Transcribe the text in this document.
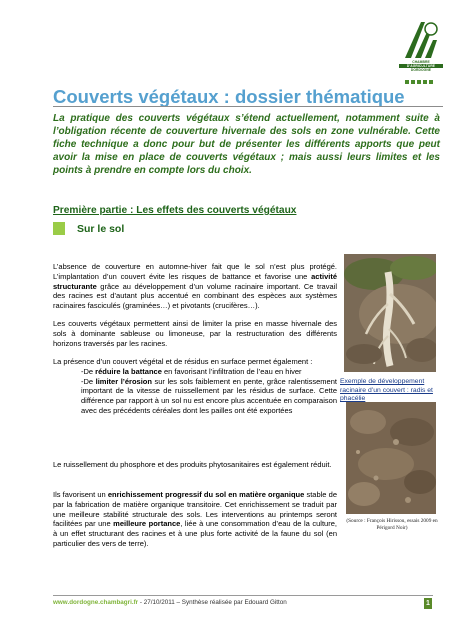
CHAMBRE
D'AGRICULTURE
DORDOGNE
Couverts végétaux : dossier thématique
La pratique des couverts végétaux s’étend actuellement, notamment suite à l’obligation récente de couverture hivernale des sols en zone vulnérable. Cette fiche technique a donc pour but de présenter les différents apports que peut avoir la mise en place de couverts végétaux ; mais aussi leurs limites et les points à prendre en compte lors du choix.
Première partie : Les effets des couverts végétaux
Sur le sol
L’absence de couverture en automne-hiver fait que le sol n’est plus protégé. L’implantation d’un couvert évite les risques de battance et favorise une activité structurante grâce au développement d’un volume racinaire important. Ce travail des racines est d’autant plus accentué en combinant des espèces aux systèmes racinaires fasciculés (graminées…) et pivotants (crucifères…).
Les couverts végétaux permettent ainsi de limiter la prise en masse hivernale des sols à dominante sableuse ou limoneuse, par la restructuration des différents horizons traversés par les racines.
La présence d’un couvert végétal et de résidus en surface permet également :
-De réduire la battance en favorisant l’infiltration de l’eau en hiver
-De limiter l’érosion sur les sols faiblement en pente, grâce ralentissement important de la vitesse de ruissellement par les résidus de surface. Cette différence par rapport à un sol nu est encore plus accentuée en comparaison avec des précédents céréales dont les pailles ont été exportées
Le ruissellement du phosphore et des produits phytosanitaires est également réduit.
Ils favorisent un enrichissement progressif du sol en matière organique stable de par la fabrication de matière organique transitoire. Cet enrichissement se traduit par une meilleure stabilité structurale des sols. Les interventions au printemps seront facilitées par une meilleure portance, liée à une consommation d’eau de la culture, à un effet structurant des racines et à une plus forte activité de la faune du sol (en particulier des vers de terre).
Exemple de développement racinaire d’un couvert : radis et phacélie
(Source : François Hirissou, essais 2009 en Périgord Noir)
www.dordogne.chambagri.fr - 27/10/2011 – Synthèse réalisée par Edouard Gitton	1
